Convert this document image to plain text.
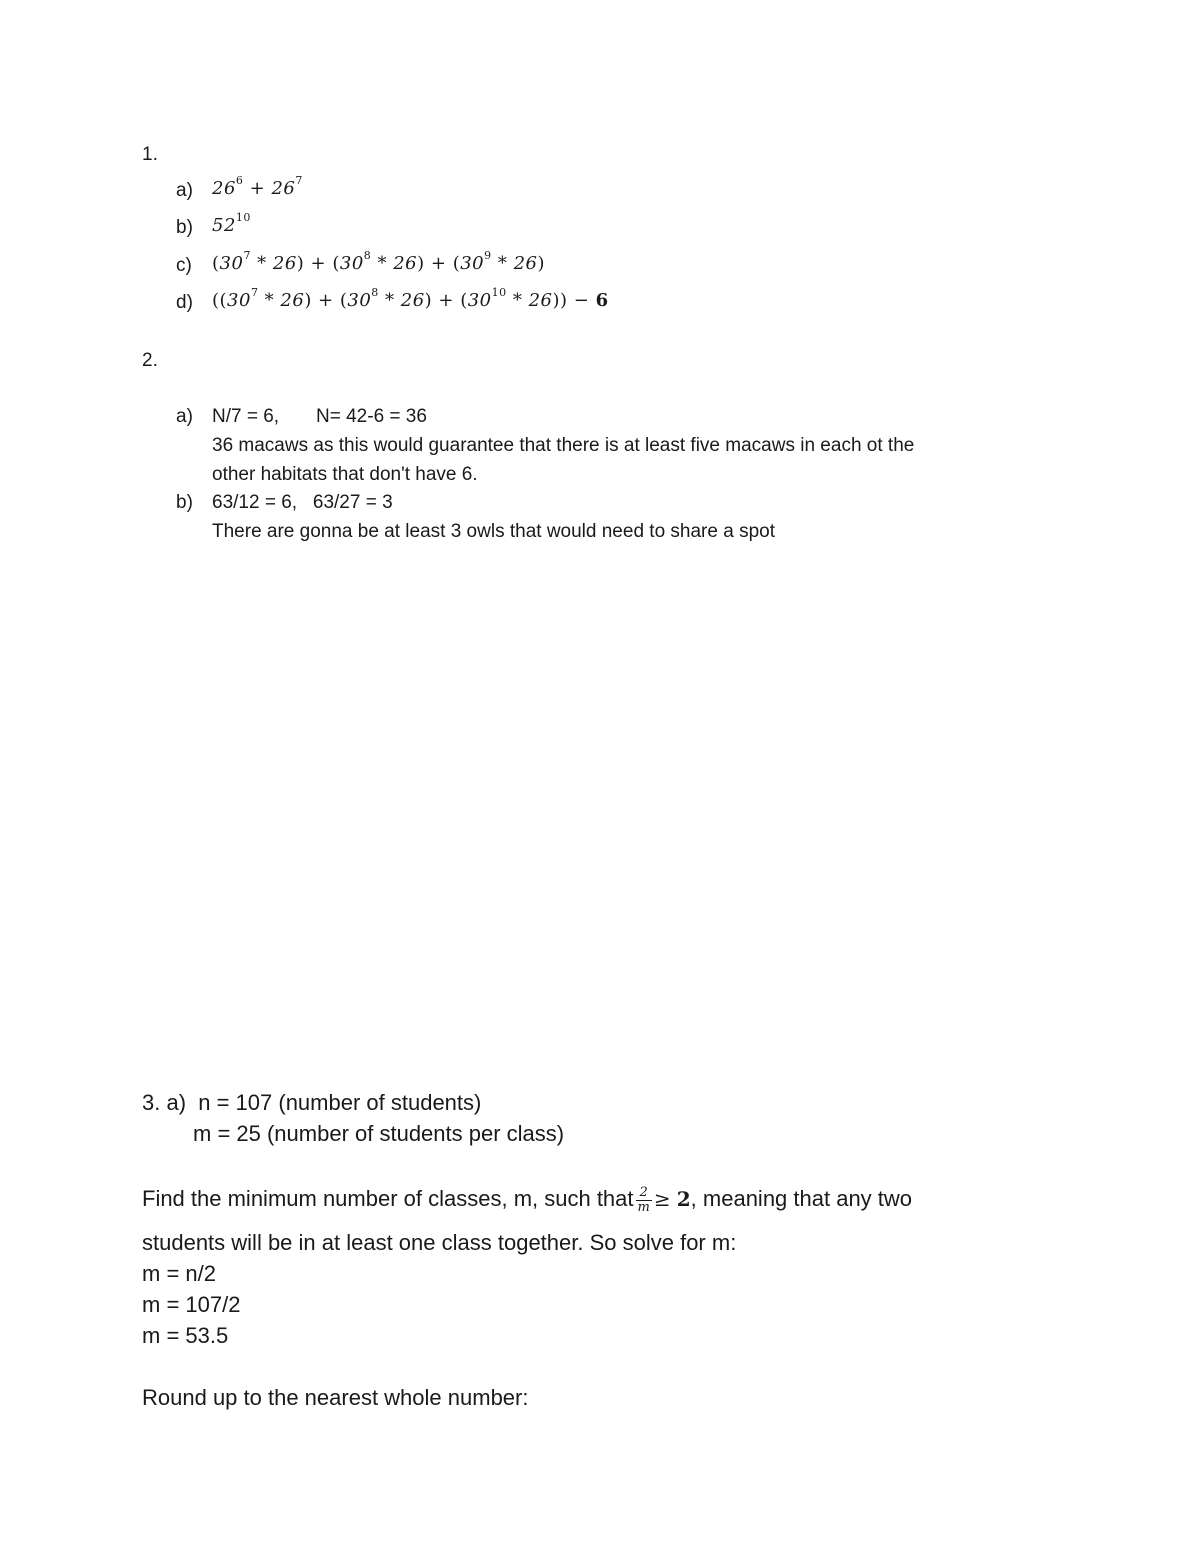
1.
a) $26^6 + 26^7$
b) $52^{10}$
c) $(30^7 * 26) + (30^8 * 26) + (30^9 * 26)$
d) $((30^7 * 26) + (30^8 * 26) + (30^{10} * 26)) - 6$
2.
a) N/7 = 6,       N= 42-6 = 36
36 macaws as this would guarantee that there is at least five macaws in each ot the
other habitats that don't have 6.
b) 63/12 = 6,   63/27 = 3
There are gonna be at least 3 owls that would need to share a spot
3. a)  n = 107 (number of students)
m = 25 (number of students per class)
Find the minimum number of classes, m, such that $\frac{2}{m} \ge 2$, meaning that any two
students will be in at least one class together. So solve for m:
m = n/2
m = 107/2
m = 53.5
Round up to the nearest whole number:
